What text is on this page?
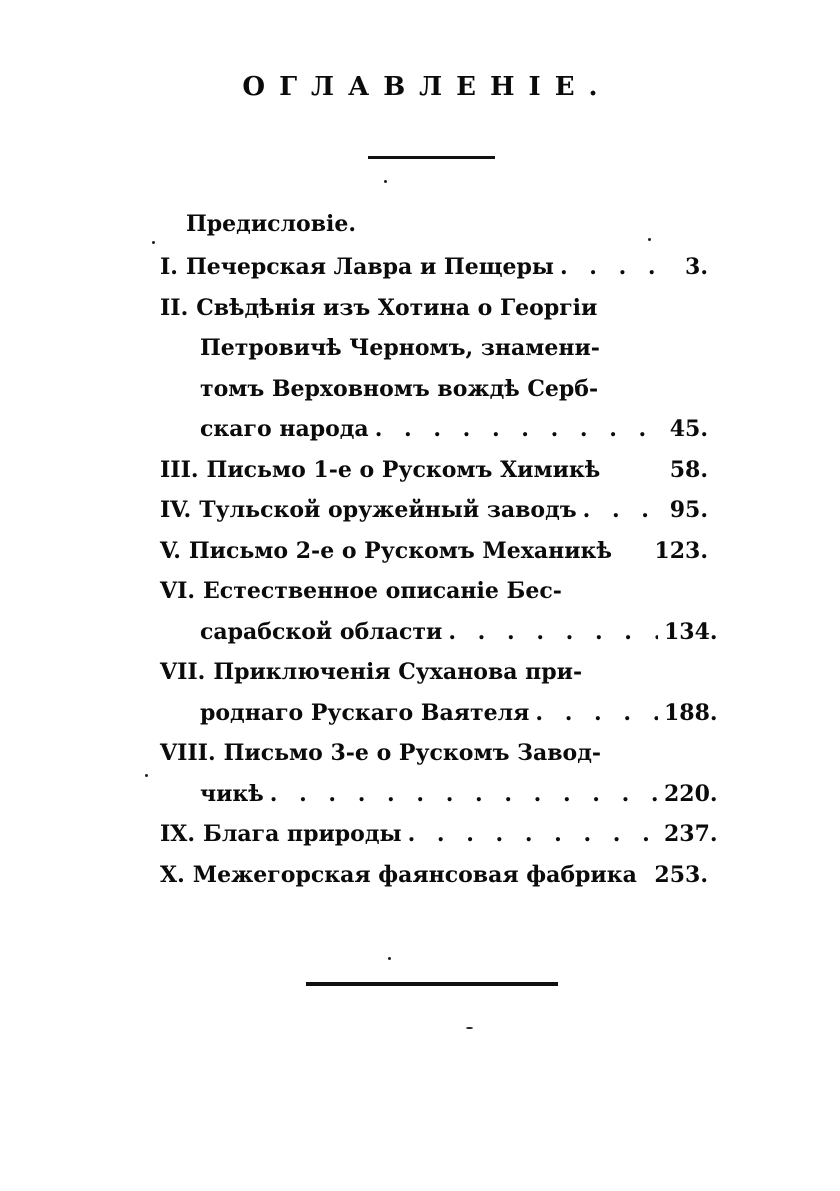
ОГЛАВЛЕНІЕ.
Предисловіе.
I. Печерская Лавра и Пещеры . . .	3.
II. Свѣдѣнія изъ Хотина о Георгіи
Петровичѣ Черномъ, знамени-
томъ Верховномъ вождѣ Серб-
скаго народа . . .	45.
III. Письмо 1-е о Рускомъ Химикѣ	58.
IV. Тульской оружейный заводъ . . .	95.
V. Письмо 2-е о Рускомъ Механикѣ 123.
VI. Естественное описаніе Бес-
сарабской области . . .	134.
VII. Приключенія Суханова при-
роднаго Рускаго Ваятеля . . .	188.
VIII. Письмо 3-е о Рускомъ Завод-
чикѣ . . .	220.
IX. Блага природы . . .	237.
X. Межегорская фаянсовая фабрика 253.
